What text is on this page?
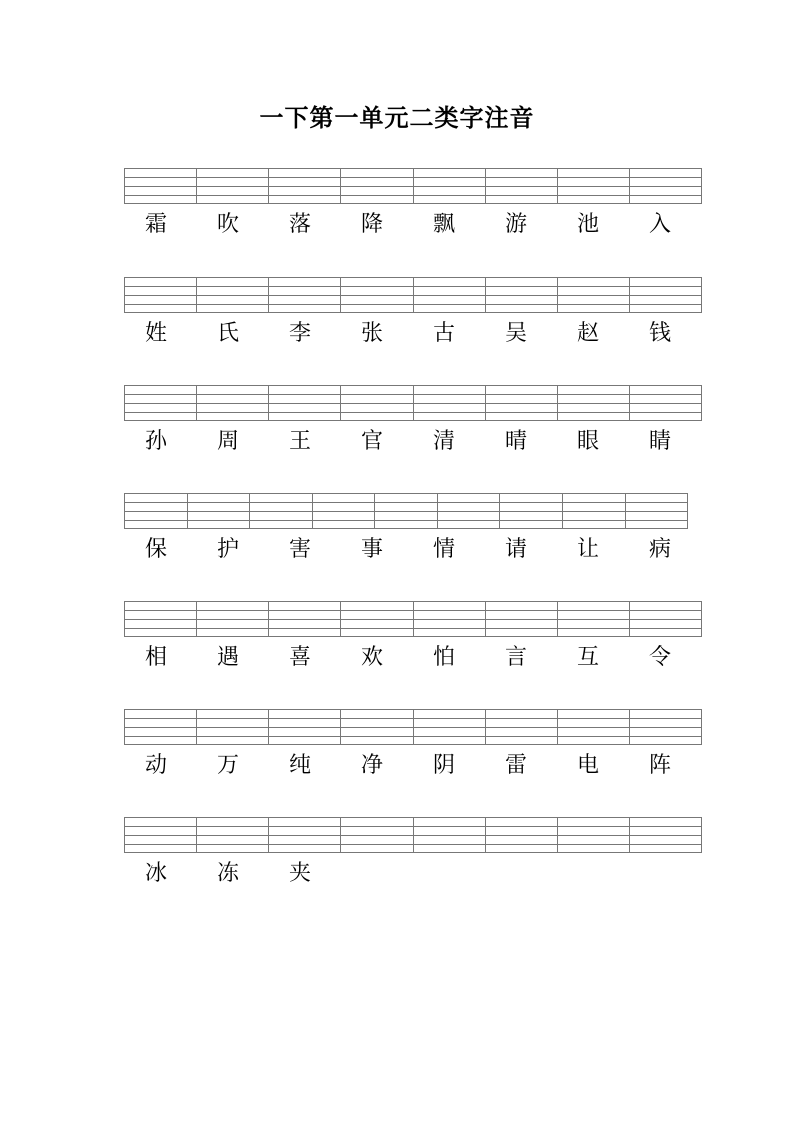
一下第一单元二类字注音
霜	吹	落	降	飘	游	池	入
姓	氏	李	张	古	吴	赵	钱
孙	周	王	官	清	晴	眼	睛
保	护	害	事	情	请	让	病
相	遇	喜	欢	怕	言	互	令
动	万	纯	净	阴	雷	电	阵
冰	冻	夹
